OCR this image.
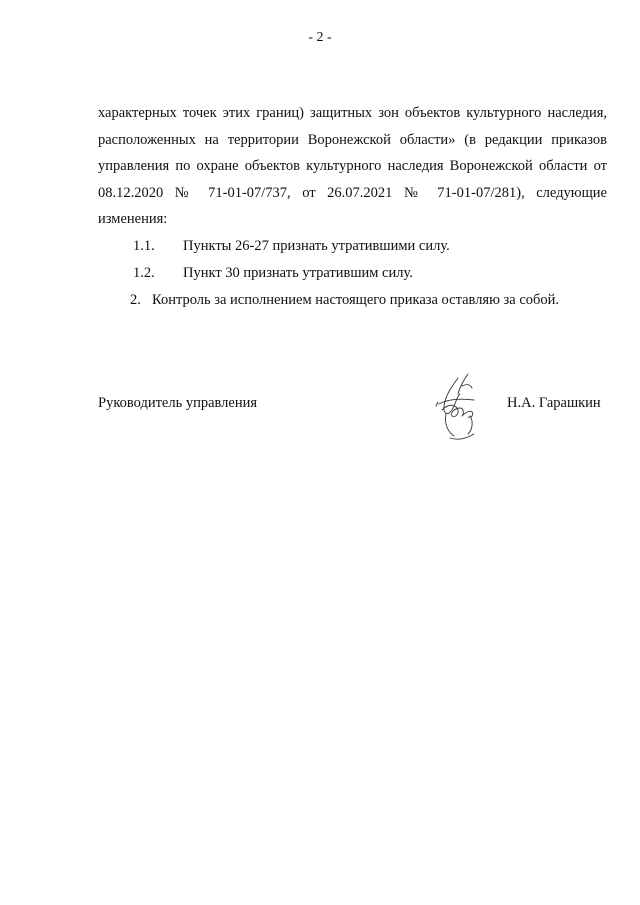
- 2 -
характерных точек этих границ) защитных зон объектов культурного наследия,
расположенных на территории Воронежской области» (в редакции приказов
управления по охране объектов культурного наследия Воронежской области от
08.12.2020 № 71-01-07/737, от 26.07.2021 № 71-01-07/281), следующие
изменения:
1.1. Пункты 26-27 признать утратившими силу.
1.2. Пункт 30 признать утратившим силу.
2. Контроль за исполнением настоящего приказа оставляю за собой.
Руководитель управления	Н.А. Гарашкин
